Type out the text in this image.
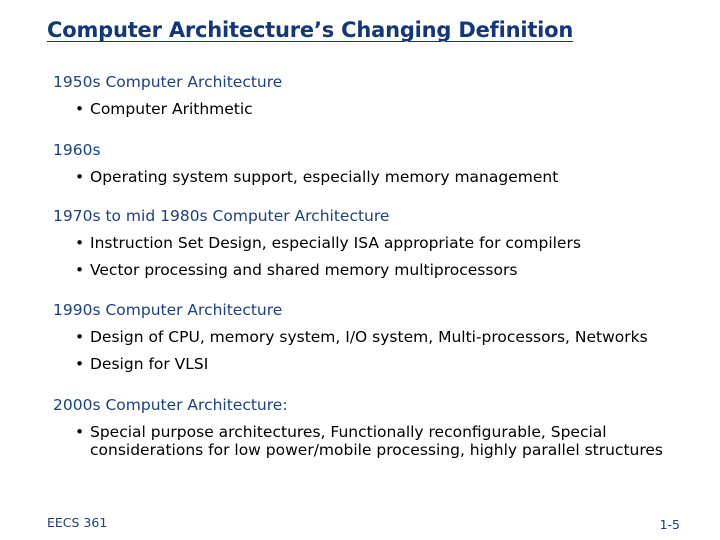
Computer Architecture’s Changing Definition
1950s Computer Architecture
• Computer Arithmetic
1960s
• Operating system support, especially memory management
1970s to mid 1980s Computer Architecture
• Instruction Set Design, especially ISA appropriate for compilers
• Vector processing and shared memory multiprocessors
1990s Computer Architecture
• Design of CPU, memory system, I/O system, Multi-processors, Networks
• Design for VLSI
2000s Computer Architecture:
• Special purpose architectures, Functionally reconfigurable, Special considerations for low power/mobile processing, highly parallel structures
EECS 361	1-5
